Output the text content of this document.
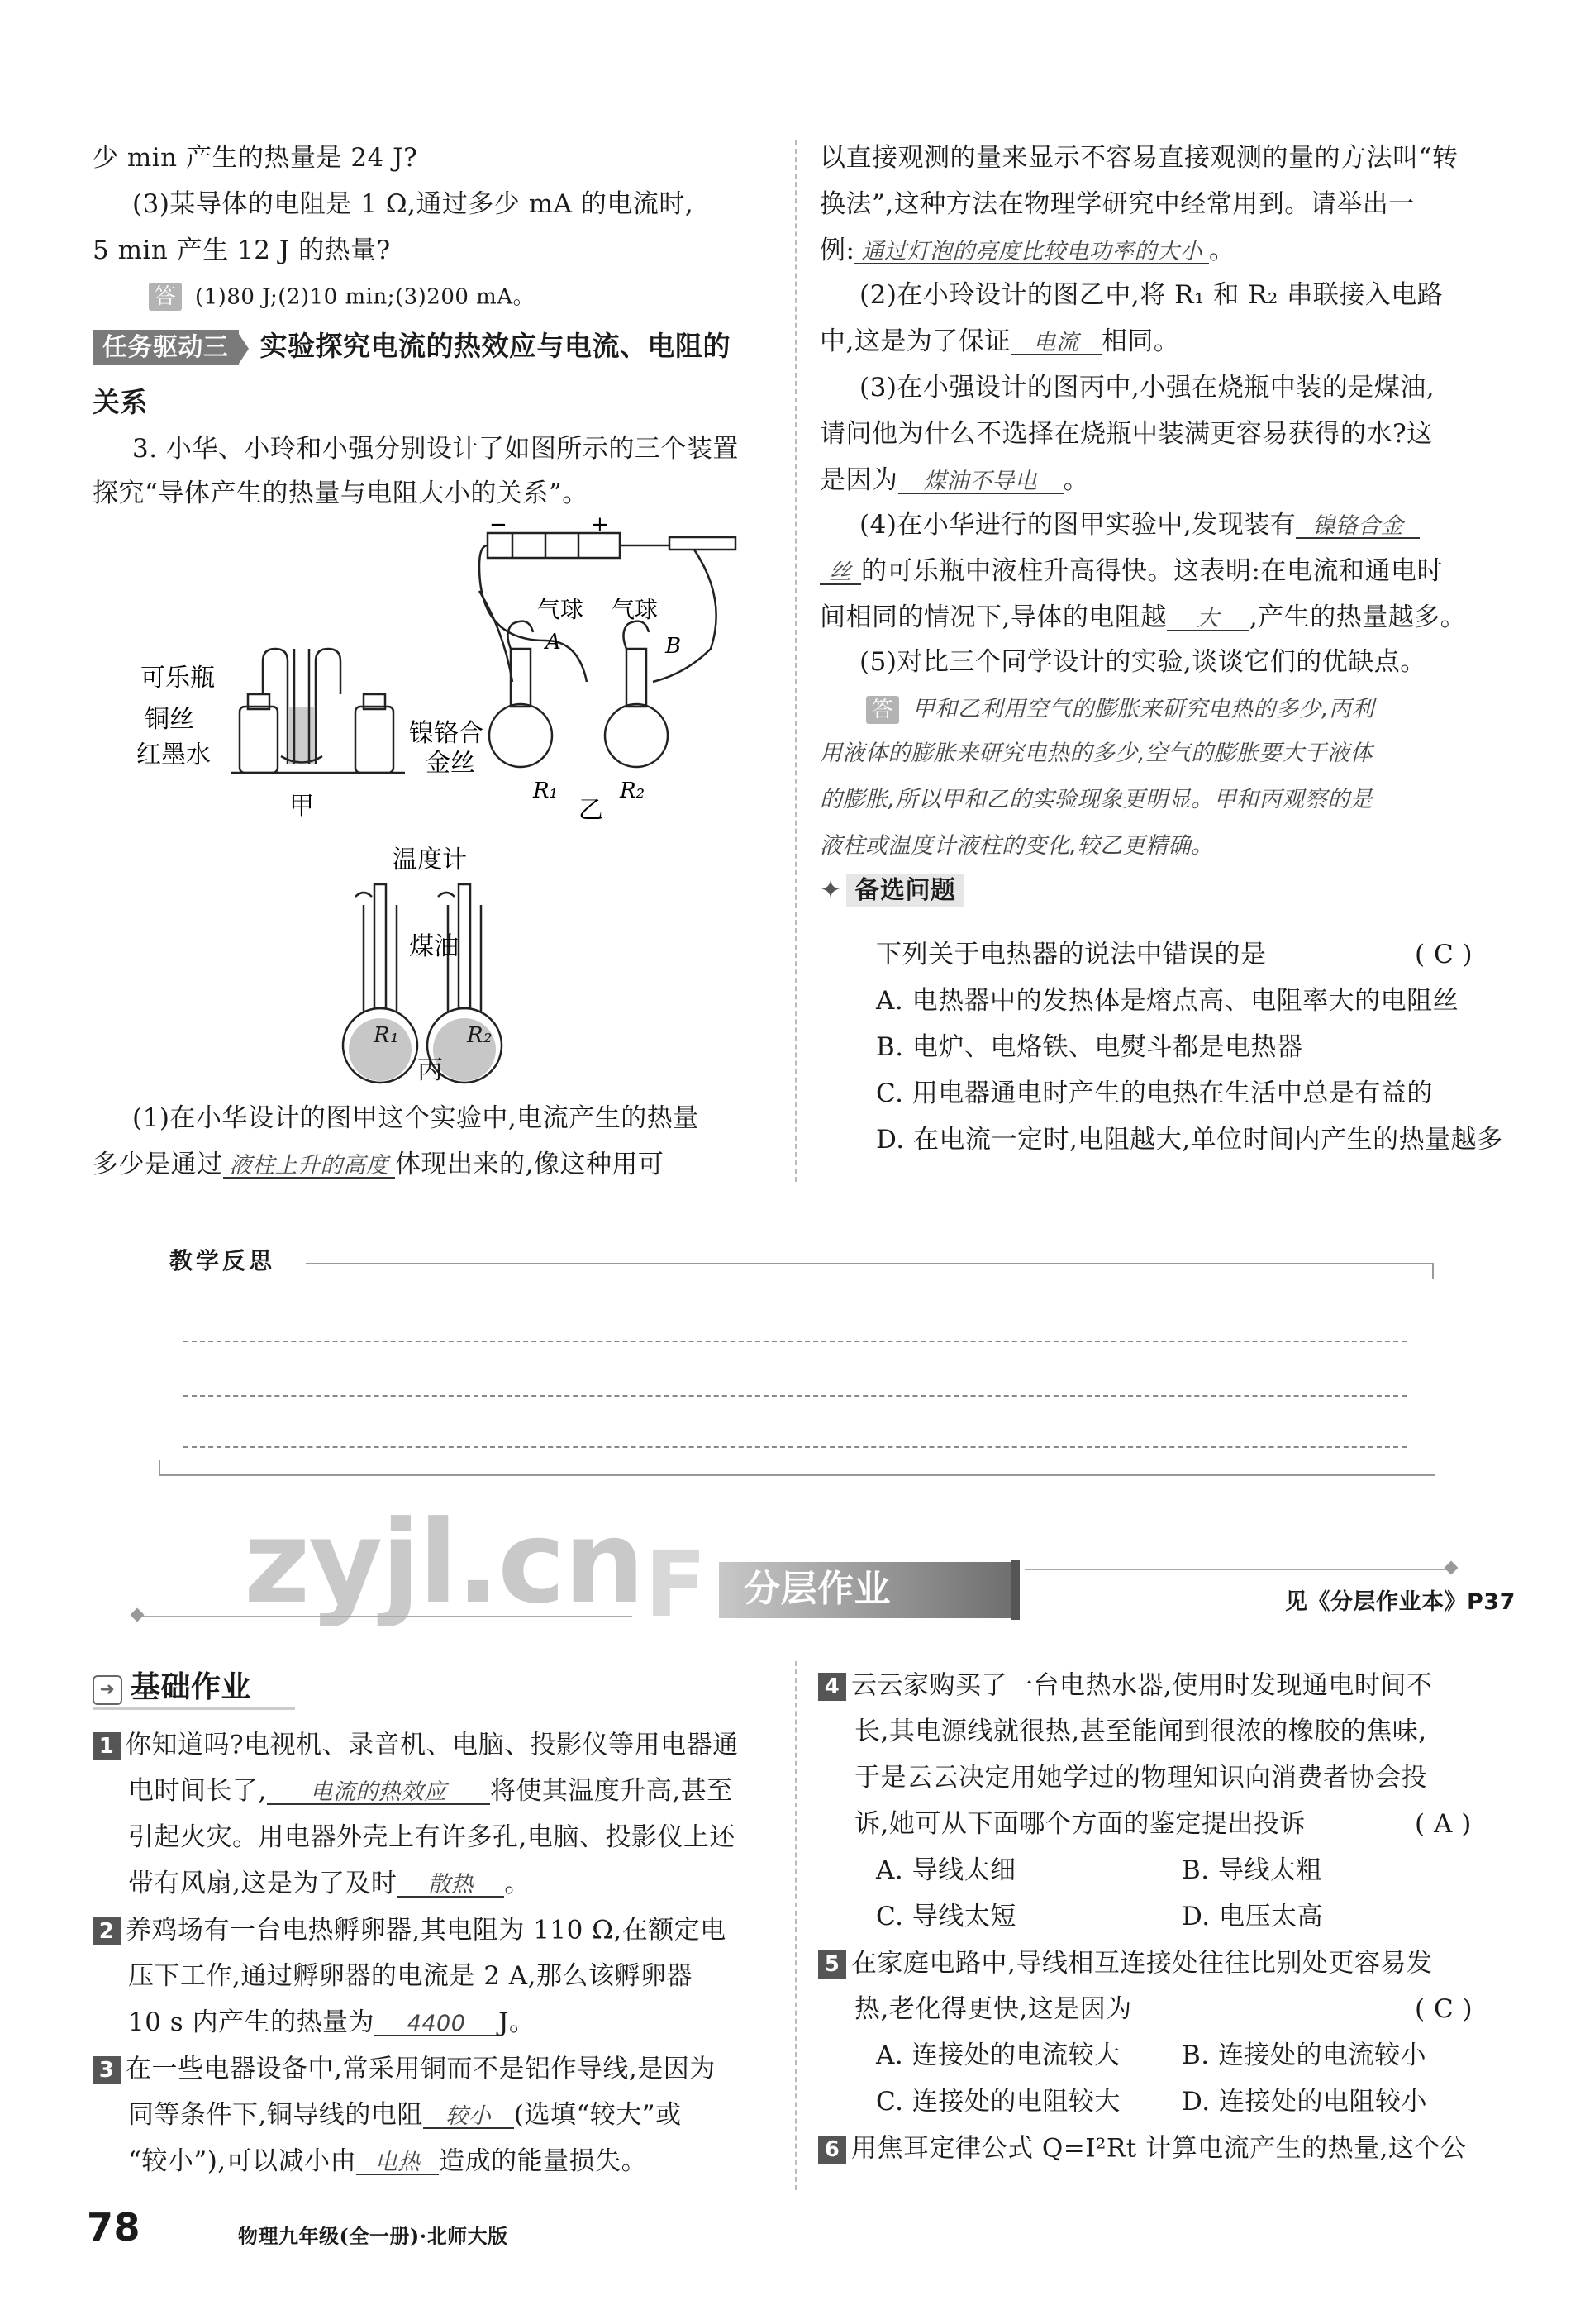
少 min 产生的热量是 24 J?
(3)某导体的电阻是 1 Ω,通过多少 mA 的电流时,
5 min 产生 12 J 的热量?
答 (1)80 J;(2)10 min;(3)200 mA。
任务驱动三 实验探究电流的热效应与电流、电阻的
关系
3. 小华、小玲和小强分别设计了如图所示的三个装置
探究“导体产生的热量与电阻大小的关系”。
可乐瓶
铜丝
红墨水
镍铬合
金丝
甲
−	+
气球 气球
A	B
R₁	R₂
乙
温度计
煤油
R₁	R₂
丙
(1)在小华设计的图甲这个实验中,电流产生的热量
多少是通过 液柱上升的高度 体现出来的,像这种用可
以直接观测的量来显示不容易直接观测的量的方法叫“转
换法”,这种方法在物理学研究中经常用到。请举出一
例: 通过灯泡的亮度比较电功率的大小 。
(2)在小玲设计的图乙中,将 R₁ 和 R₂ 串联接入电路
中,这是为了保证 电流 相同。
(3)在小强设计的图丙中,小强在烧瓶中装的是煤油,
请问他为什么不选择在烧瓶中装满更容易获得的水?这
是因为 煤油不导电 。
(4)在小华进行的图甲实验中,发现装有 镍铬合金
丝 的可乐瓶中液柱升高得快。这表明:在电流和通电时
间相同的情况下,导体的电阻越 大 ,产生的热量越多。
(5)对比三个同学设计的实验,谈谈它们的优缺点。
答 甲和乙利用空气的膨胀来研究电热的多少,丙利
用液体的膨胀来研究电热的多少,空气的膨胀要大于液体
的膨胀,所以甲和乙的实验现象更明显。甲和丙观察的是
液柱或温度计液柱的变化,较乙更精确。
✦ 备选问题
下列关于电热器的说法中错误的是	( C )
A. 电热器中的发热体是熔点高、电阻率大的电阻丝
B. 电炉、电烙铁、电熨斗都是电热器
C. 用电器通电时产生的电热在生活中总是有益的
D. 在电流一定时,电阻越大,单位时间内产生的热量越多
教学反思
zyjl.cn F 分层作业	见《分层作业本》P37
➜ 基础作业
1 你知道吗?电视机、录音机、电脑、投影仪等用电器通
电时间长了, 电流的热效应 将使其温度升高,甚至
引起火灾。用电器外壳上有许多孔,电脑、投影仪上还
带有风扇,这是为了及时 散热 。
2 养鸡场有一台电热孵卵器,其电阻为 110 Ω,在额定电
压下工作,通过孵卵器的电流是 2 A,那么该孵卵器
10 s 内产生的热量为 4400 J。
3 在一些电器设备中,常采用铜而不是铝作导线,是因为
同等条件下,铜导线的电阻 较小 (选填“较大”或
“较小”),可以减小由 电热 造成的能量损失。
4 云云家购买了一台电热水器,使用时发现通电时间不
长,其电源线就很热,甚至能闻到很浓的橡胶的焦味,
于是云云决定用她学过的物理知识向消费者协会投
诉,她可从下面哪个方面的鉴定提出投诉	( A )
A. 导线太细	B. 导线太粗
C. 导线太短	D. 电压太高
5 在家庭电路中,导线相互连接处往往比别处更容易发
热,老化得更快,这是因为	( C )
A. 连接处的电流较大 B. 连接处的电流较小
C. 连接处的电阻较大 D. 连接处的电阻较小
6 用焦耳定律公式 Q=I²Rt 计算电流产生的热量,这个公
78	物理九年级(全一册)·北师大版
